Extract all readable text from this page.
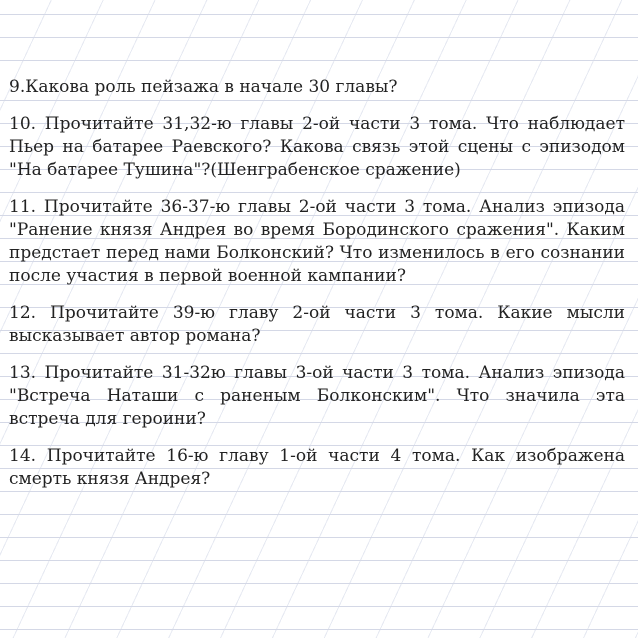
9.Какова роль пейзажа в начале 30 главы?

10. Прочитайте 31,32-ю главы 2-ой части 3 тома. Что наблюдает Пьер на батарее Раевского? Какова связь этой сцены с эпизодом "На батарее Тушина"?(Шенграбенское сражение)

11. Прочитайте 36-37-ю главы 2-ой части 3 тома. Анализ эпизода "Ранение князя Андрея во время Бородинского сражения". Каким предстает перед нами Болконский? Что изменилось в его сознании после участия в первой военной кампании?

12. Прочитайте 39-ю главу 2-ой части 3 тома. Какие мысли высказывает автор романа?

13. Прочитайте 31-32ю главы 3-ой части 3 тома. Анализ эпизода "Встреча Наташи с раненым Болконским". Что значила эта встреча для героини?

14. Прочитайте 16-ю главу 1-ой части 4 тома. Как изображена смерть князя Андрея?
